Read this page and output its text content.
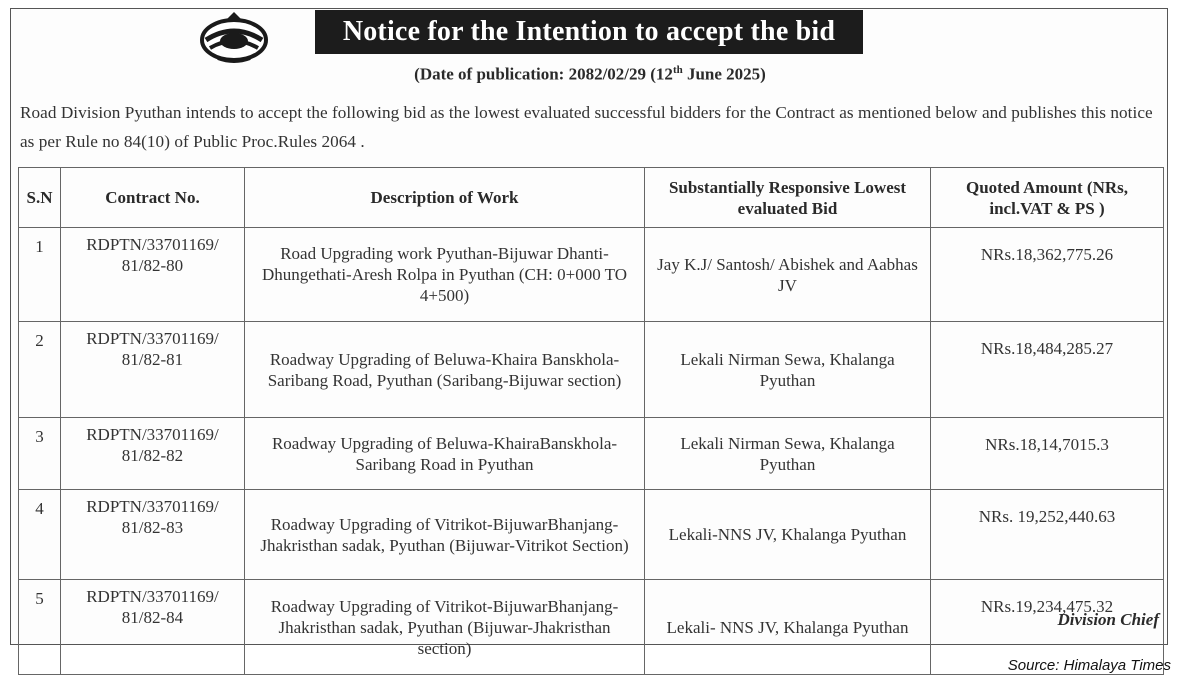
Notice for the Intention to accept the bid
(Date of publication: 2082/02/29 (12th June 2025)
Road Division Pyuthan intends to accept the following bid as the lowest evaluated successful bidders for the Contract as mentioned below and publishes this notice as per Rule no 84(10) of Public Proc.Rules 2064 .
S.N	Contract No.	Description of Work	Substantially Responsive Lowest evaluated Bid	Quoted Amount (NRs, incl.VAT & PS )
1	RDPTN/33701169/ 81/82-80	Road Upgrading work Pyuthan-Bijuwar Dhanti-Dhungethati-Aresh Rolpa in Pyuthan (CH: 0+000 TO 4+500)	Jay K.J/ Santosh/ Abishek and Aabhas JV	NRs.18,362,775.26
2	RDPTN/33701169/ 81/82-81	Roadway Upgrading of Beluwa-Khaira Banskhola-Saribang Road, Pyuthan (Saribang-Bijuwar section)	Lekali Nirman Sewa, Khalanga Pyuthan	NRs.18,484,285.27
3	RDPTN/33701169/ 81/82-82	Roadway Upgrading of Beluwa-KhairaBanskhola-Saribang Road in Pyuthan	Lekali Nirman Sewa, Khalanga Pyuthan	NRs.18,14,7015.3
4	RDPTN/33701169/ 81/82-83	Roadway Upgrading of Vitrikot-BijuwarBhanjang-Jhakristhan sadak, Pyuthan (Bijuwar-Vitrikot Section)	Lekali-NNS JV, Khalanga Pyuthan	NRs. 19,252,440.63
5	RDPTN/33701169/ 81/82-84	Roadway Upgrading of Vitrikot-BijuwarBhanjang-Jhakristhan sadak, Pyuthan (Bijuwar-Jhakristhan section)	Lekali- NNS JV, Khalanga Pyuthan	NRs.19,234,475.32
Division Chief
Source: Himalaya Times
